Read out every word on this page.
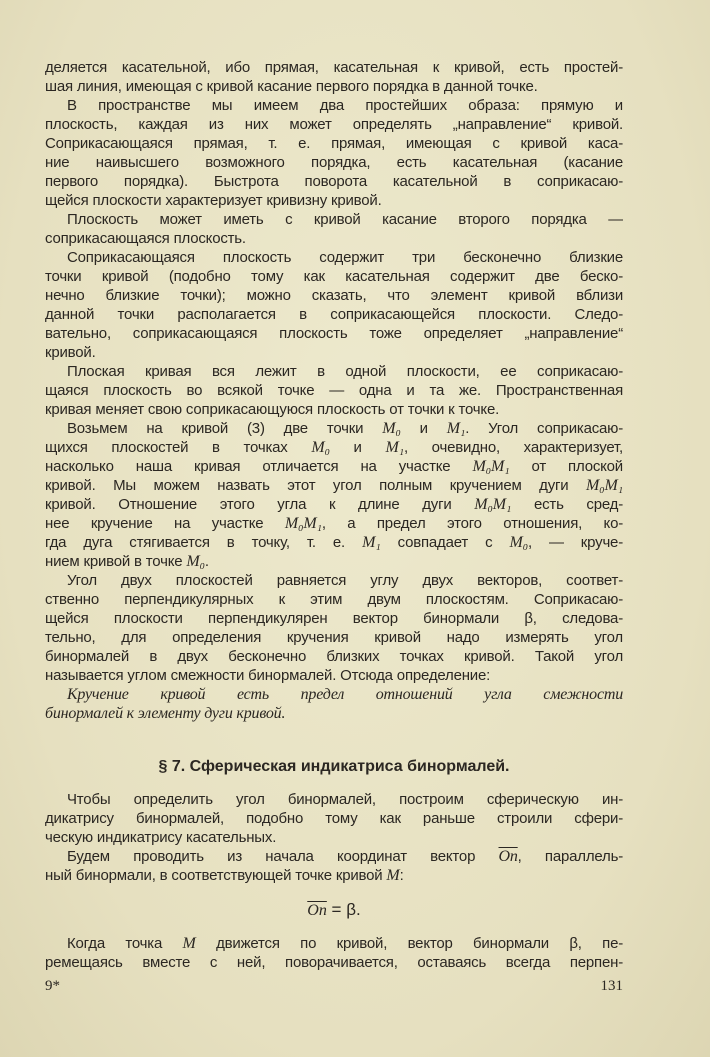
деляется касательной, ибо прямая, касательная к кривой, есть простей-
шая линия, имеющая с кривой касание первого порядка в данной точке.
В пространстве мы имеем два простейших образа: прямую и
плоскость, каждая из них может определять „направление“ кривой.
Соприкасающаяся прямая, т. е. прямая, имеющая с кривой каса-
ние наивысшего возможного порядка, есть касательная (касание
первого порядка). Быстрота поворота касательной в соприкасаю-
щейся плоскости характеризует кривизну кривой.
Плоскость может иметь с кривой касание второго порядка —
соприкасающаяся плоскость.
Соприкасающаяся плоскость содержит три бесконечно близкие
точки кривой (подобно тому как касательная содержит две беско-
нечно близкие точки); можно сказать, что элемент кривой вблизи
данной точки располагается в соприкасающейся плоскости. Следо-
вательно, соприкасающаяся плоскость тоже определяет „направление“
кривой.
Плоская кривая вся лежит в одной плоскости, ее соприкасаю-
щаяся плоскость во всякой точке — одна и та же. Пространственная
кривая меняет свою соприкасающуюся плоскость от точки к точке.
Возьмем на кривой (3) две точки M₀ и M₁. Угол соприкасаю-
щихся плоскостей в точках M₀ и M₁, очевидно, характеризует,
насколько наша кривая отличается на участке M₀M₁ от плоской
кривой. Мы можем назвать этот угол полным кручением дуги M₀M₁
кривой. Отношение этого угла к длине дуги M₀M₁ есть сред-
нее кручение на участке M₀M₁, а предел этого отношения, ко-
гда дуга стягивается в точку, т. е. M₁ совпадает с M₀, — круче-
нием кривой в точке M₀.
Угол двух плоскостей равняется углу двух векторов, соответ-
ственно перпендикулярных к этим двум плоскостям. Соприкасаю-
щейся плоскости перпендикулярен вектор бинормали β, следова-
тельно, для определения кручения кривой надо измерять угол
бинормалей в двух бесконечно близких точках кривой. Такой угол
называется углом смежности бинормалей. Отсюда определение:
Кручение кривой есть предел отношений угла смежности
бинормалей к элементу дуги кривой.
§ 7. Сферическая индикатриса бинормалей.
Чтобы определить угол бинормалей, построим сферическую ин-
дикатрису бинормалей, подобно тому как раньше строили сфери-
ческую индикатрису касательных.
Будем проводить из начала координат вектор $\overline{On}$, параллель-
ный бинормали, в соответствующей точке кривой M:
$\overline{On} = \beta$.
Когда точка M движется по кривой, вектор бинормали β, пе-
ремещаясь вместе с ней, поворачивается, оставаясь всегда перпен-
9*	131
